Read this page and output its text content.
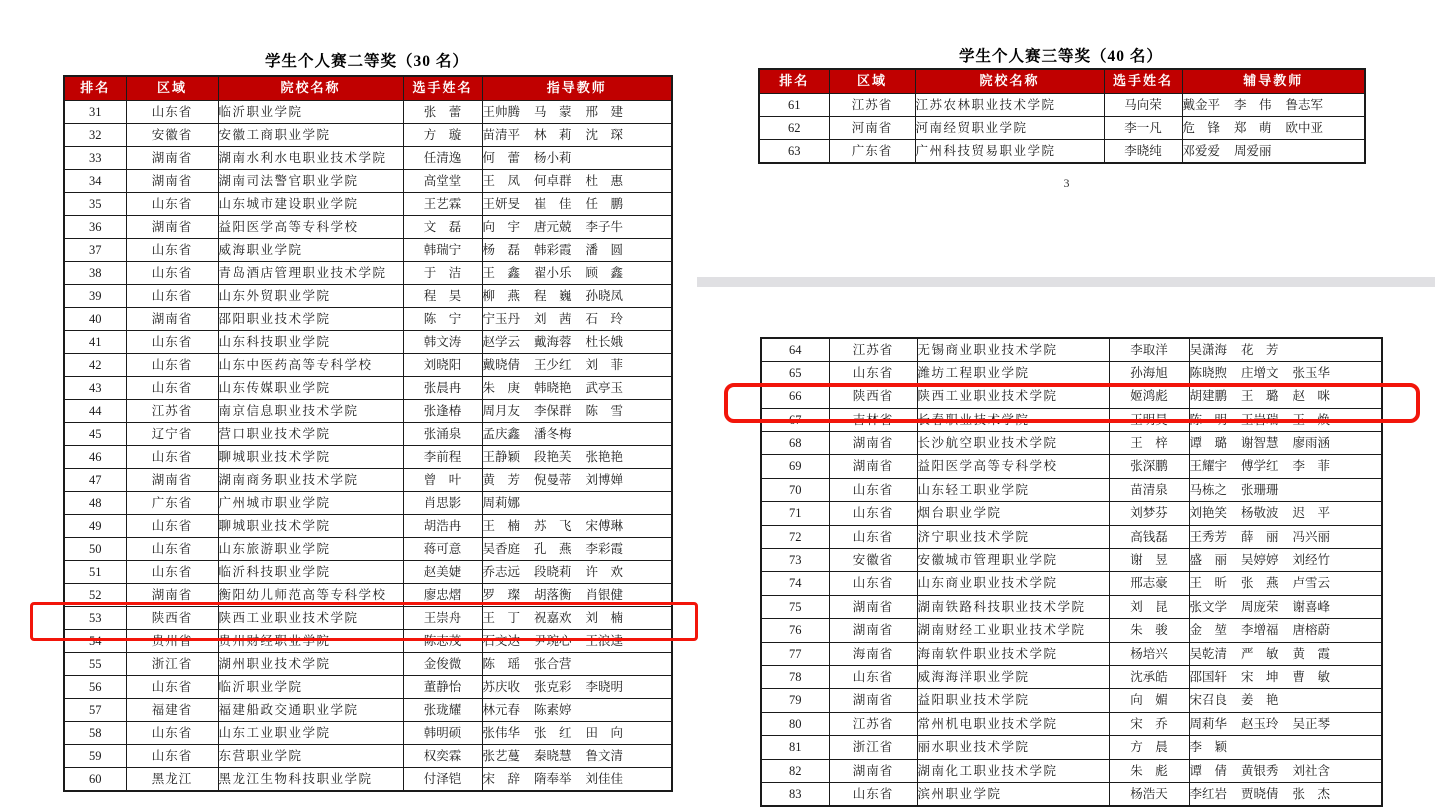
学生个人赛二等奖（30 名）
排名	区域	院校名称	选手姓名	指导教师
31	山东省	临沂职业学院	张　蕾	王帅腾 马　蒙 邢　建
32	安徽省	安徽工商职业学院	方　璇	苗清平 林　莉 沈　琛
33	湖南省	湖南水利水电职业技术学院	任清逸	何　蕾 杨小莉
34	湖南省	湖南司法警官职业学院	高堂堂	王　凤 何卓群 杜　惠
35	山东省	山东城市建设职业学院	王艺霖	王妍旻 崔　佳 任　鹏
36	湖南省	益阳医学高等专科学校	文　磊	向　宇 唐元兢 李子牛
37	山东省	威海职业学院	韩瑞宁	杨　磊 韩彩霞 潘　圆
38	山东省	青岛酒店管理职业技术学院	于　洁	王　鑫 翟小乐 顾　鑫
39	山东省	山东外贸职业学院	程　昊	柳　燕 程　巍 孙晓凤
40	湖南省	邵阳职业技术学院	陈　宁	宁玉丹 刘　茜 石　玲
41	山东省	山东科技职业学院	韩文涛	赵学云 戴海蓉 杜长娥
42	山东省	山东中医药高等专科学校	刘晓阳	戴晓倩 王少红 刘　菲
43	山东省	山东传媒职业学院	张晨冉	朱　庚 韩晓艳 武亭玉
44	江苏省	南京信息职业技术学院	张逢椿	周月友 李保群 陈　雪
45	辽宁省	营口职业技术学院	张涌泉	孟庆鑫 潘冬梅
46	山东省	聊城职业技术学院	李前程	王静颖 段艳芙 张艳艳
47	湖南省	湖南商务职业技术学院	曾　叶	黄　芳 倪曼蒂 刘博婵
48	广东省	广州城市职业学院	肖思影	周莉娜
49	山东省	聊城职业技术学院	胡浩冉	王　楠 苏　飞 宋傅琳
50	山东省	山东旅游职业学院	蒋可意	吴香庭 孔　燕 李彩霞
51	山东省	临沂科技职业学院	赵美婕	乔志远 段晓莉 许　欢
52	湖南省	衡阳幼儿师范高等专科学校	廖忠熠	罗　璨 胡落衡 肖银健
53	陕西省	陕西工业职业技术学院	王崇舟	王　丁 祝嘉欢 刘　楠
54	贵州省	贵州财经职业学院	陈志茂	石文达 尹琬心 王浪逵
55	浙江省	湖州职业技术学院	金俊微	陈　瑶 张合营
56	山东省	临沂职业学院	董静怡	苏庆收 张克彩 李晓明
57	福建省	福建船政交通职业学院	张珑耀	林元春 陈素婷
58	山东省	山东工业职业学院	韩明硕	张伟华 张　红 田　向
59	山东省	东营职业学院	权奕霖	张艺蔓 秦晓慧 鲁文清
60	黑龙江	黑龙江生物科技职业学院	付泽铠	宋　辞 隋奉举 刘佳佳
学生个人赛三等奖（40 名）
排名	区域	院校名称	选手姓名	辅导教师
61	江苏省	江苏农林职业技术学院	马向荣	戴金平 李　伟 鲁志军
62	河南省	河南经贸职业学院	李一凡	危　锋 郑　萌 欧中亚
63	广东省	广州科技贸易职业学院	李晓纯	邓爱爱 周爱丽
3
64	江苏省	无锡商业职业技术学院	李取洋	吴潇海 花　芳
65	山东省	潍坊工程职业学院	孙海旭	陈晓煦 庄增文 张玉华
66	陕西省	陕西工业职业技术学院	姬鸿彪	胡建鹏 王　璐 赵　咪
67	吉林省	长春职业技术学院	王明昊	陈　明 王岩瑞 王　焕
68	湖南省	长沙航空职业技术学院	王　梓	谭　璐 谢智慧 廖雨涵
69	湖南省	益阳医学高等专科学校	张深鹏	王耀宇 傅学红 李　菲
70	山东省	山东轻工职业学院	苗清泉	马栋之 张珊珊
71	山东省	烟台职业学院	刘梦芬	刘艳笑 杨敬波 迟　平
72	山东省	济宁职业技术学院	高钱磊	王秀芳 薛　丽 冯兴丽
73	安徽省	安徽城市管理职业学院	谢　昱	盛　丽 吴婷婷 刘经竹
74	山东省	山东商业职业技术学院	邢志豪	王　昕 张　燕 卢雪云
75	湖南省	湖南铁路科技职业技术学院	刘　昆	张文学 周庞荣 谢喜峰
76	湖南省	湖南财经工业职业技术学院	朱　骏	金　堃 李增福 唐榕蔚
77	海南省	海南软件职业技术学院	杨培兴	吴乾清 严　敏 黄　霞
78	山东省	威海海洋职业学院	沈承皓	邵国轩 宋　坤 曹　敏
79	湖南省	益阳职业技术学院	向　媚	宋召良 姜　艳
80	江苏省	常州机电职业技术学院	宋　乔	周莉华 赵玉玲 吴正琴
81	浙江省	丽水职业技术学院	方　晨	李　颖
82	湖南省	湖南化工职业技术学院	朱　彪	谭　倩 黄银秀 刘社含
83	山东省	滨州职业学院	杨浩天	李红岩 贾晓倩 张　杰
